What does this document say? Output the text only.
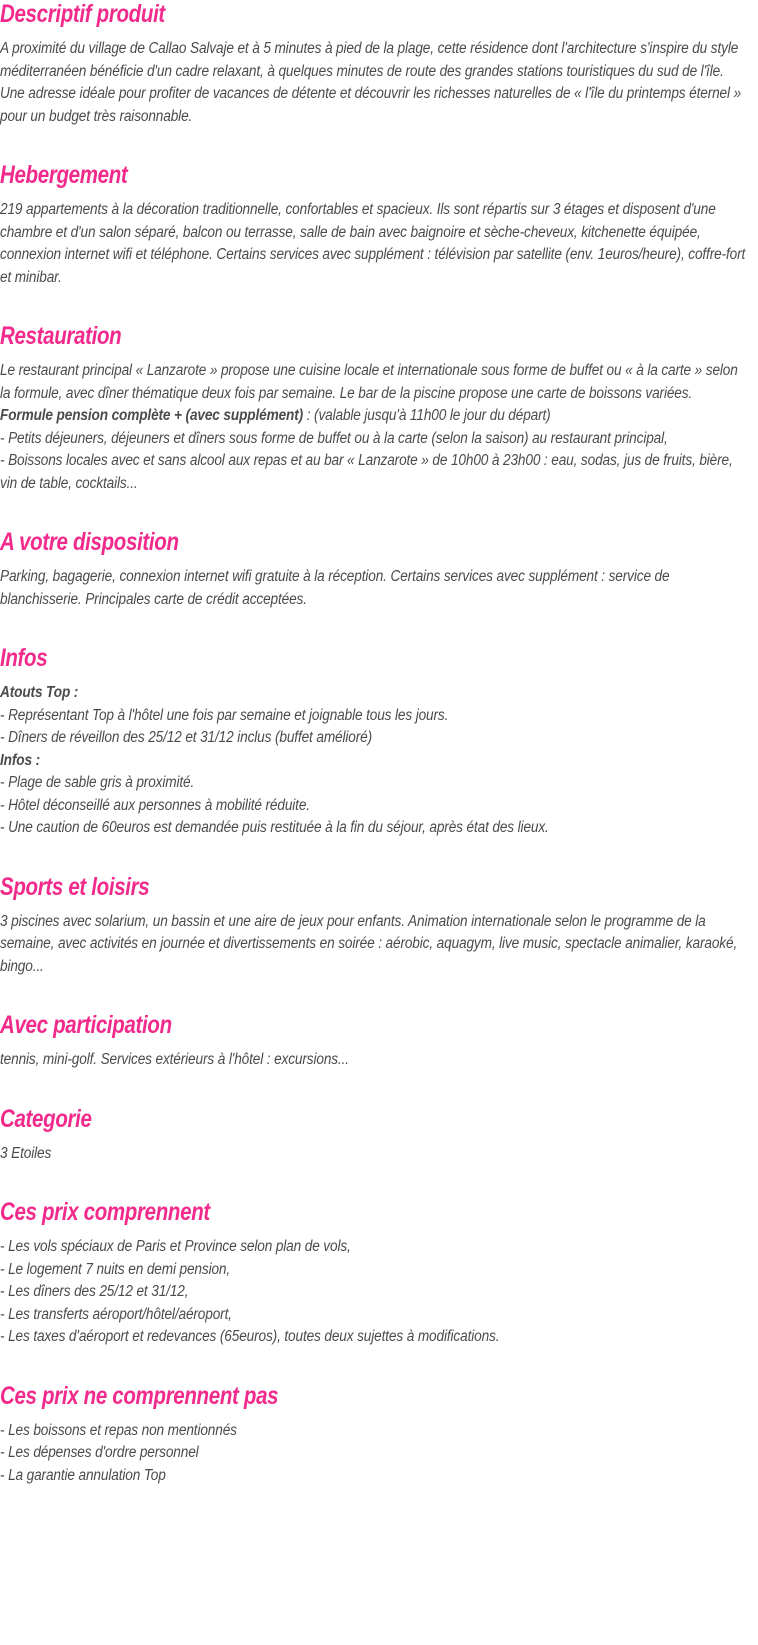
Descriptif produit

A proximité du village de Callao Salvaje et à 5 minutes à pied de la plage, cette résidence dont l'architecture s'inspire du style méditerranéen bénéficie d'un cadre relaxant, à quelques minutes de route des grandes stations touristiques du sud de l'île. Une adresse idéale pour profiter de vacances de détente et découvrir les richesses naturelles de « l'île du printemps éternel » pour un budget très raisonnable.

Hebergement

219 appartements à la décoration traditionnelle, confortables et spacieux. Ils sont répartis sur 3 étages et disposent d'une chambre et d'un salon séparé, balcon ou terrasse, salle de bain avec baignoire et sèche-cheveux, kitchenette équipée, connexion internet wifi et téléphone. Certains services avec supplément : télévision par satellite (env. 1euros/heure), coffre-fort et minibar.

Restauration

Le restaurant principal « Lanzarote » propose une cuisine locale et internationale sous forme de buffet ou « à la carte » selon la formule, avec dîner thématique deux fois par semaine. Le bar de la piscine propose une carte de boissons variées.

Formule pension complète + (avec supplément) : (valable jusqu'à 11h00 le jour du départ)

- Petits déjeuners, déjeuners et dîners sous forme de buffet ou à la carte (selon la saison) au restaurant principal,

- Boissons locales avec et sans alcool aux repas et au bar « Lanzarote » de 10h00 à 23h00 : eau, sodas, jus de fruits, bière, vin de table, cocktails...

A votre disposition

Parking, bagagerie, connexion internet wifi gratuite à la réception. Certains services avec supplément : service de blanchisserie. Principales carte de crédit acceptées.

Infos

Atouts Top :

- Représentant Top à l'hôtel une fois par semaine et joignable tous les jours.

- Dîners de réveillon des 25/12 et 31/12 inclus (buffet amélioré)

Infos :

- Plage de sable gris à proximité.

- Hôtel déconseillé aux personnes à mobilité réduite.

- Une caution de 60euros est demandée puis restituée à la fin du séjour, après état des lieux.

Sports et loisirs

3 piscines avec solarium, un bassin et une aire de jeux pour enfants. Animation internationale selon le programme de la semaine, avec activités en journée et divertissements en soirée : aérobic, aquagym, live music, spectacle animalier, karaoké, bingo...

Avec participation

tennis, mini-golf. Services extérieurs à l'hôtel : excursions...

Categorie

3 Etoiles

Ces prix comprennent

- Les vols spéciaux de Paris et Province selon plan de vols,

- Le logement 7 nuits en demi pension,

- Les dîners des 25/12 et 31/12,

- Les transferts aéroport/hôtel/aéroport,

- Les taxes d'aéroport et redevances (65euros), toutes deux sujettes à modifications.

Ces prix ne comprennent pas

- Les boissons et repas non mentionnés

- Les dépenses d'ordre personnel

- La garantie annulation Top
